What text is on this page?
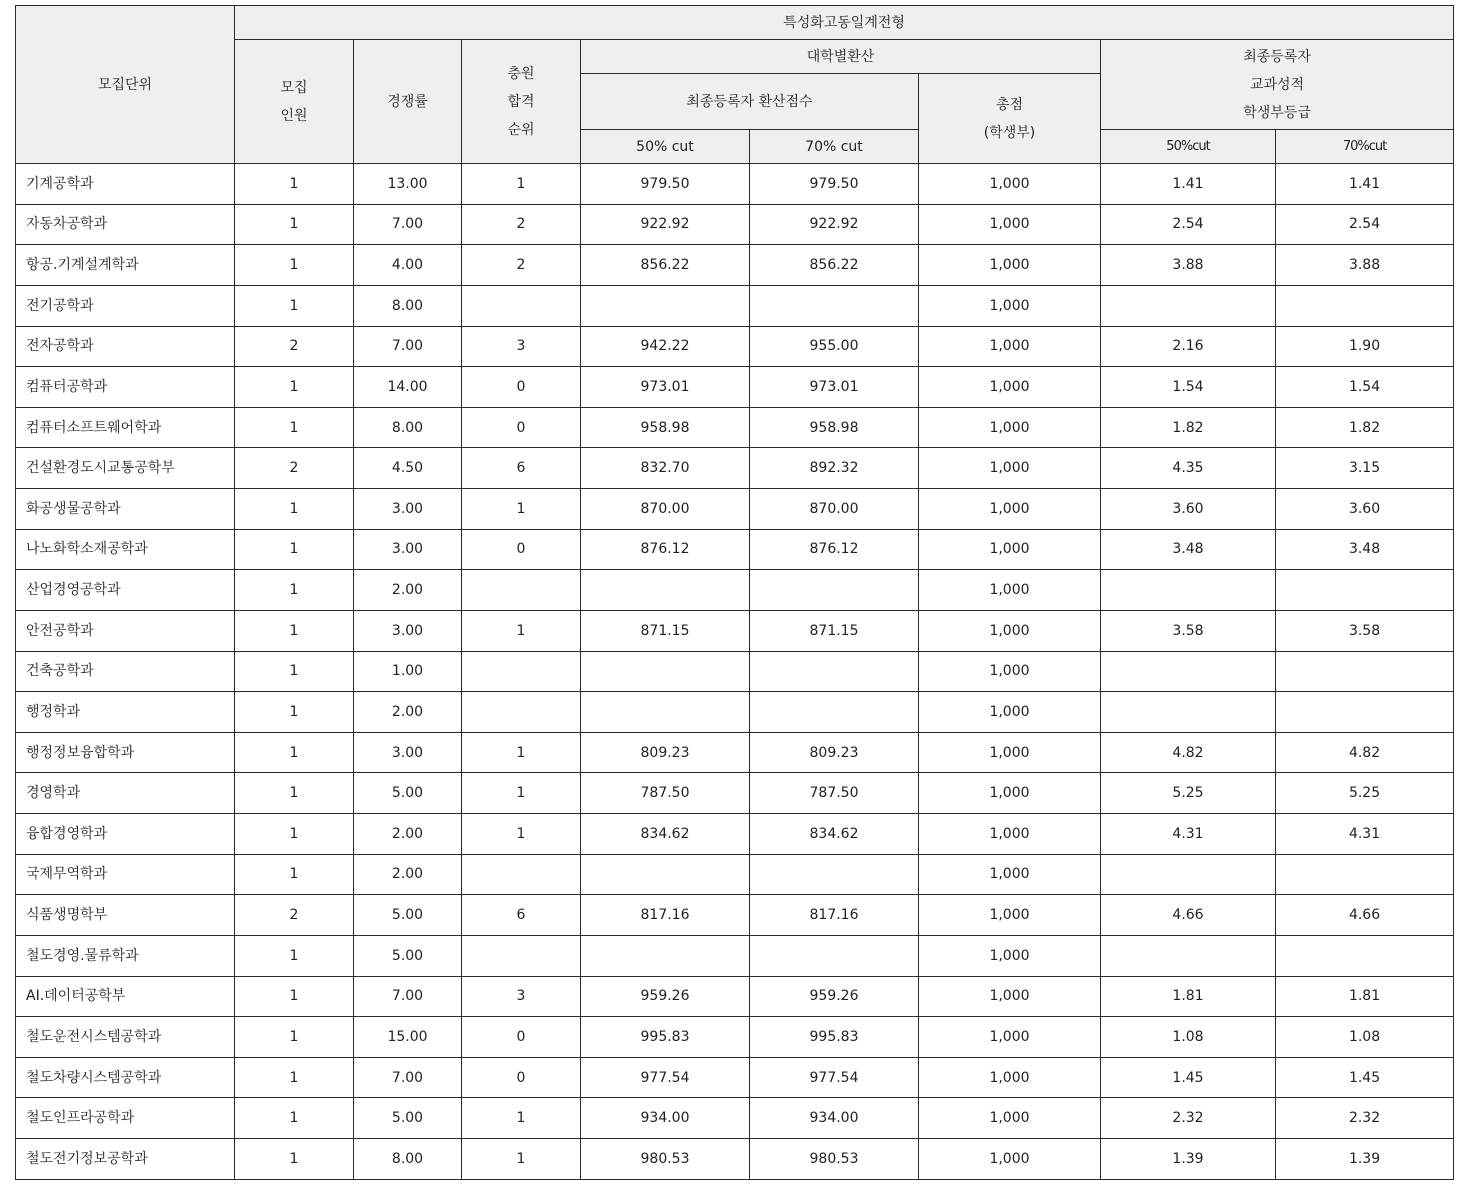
모집단위	특성화고동일계전형							
	모집
인원	경쟁률	충원
합격
순위	대학별환산			최종등록자
교과성적
학생부등급	
				최종등록자 환산점수		총점
(학생부)		
				50% cut	70% cut		50%cut	70%cut
기계공학과	1	13.00	1	979.50	979.50	1,000	1.41	1.41
자동차공학과	1	7.00	2	922.92	922.92	1,000	2.54	2.54
항공.기계설계학과	1	4.00	2	856.22	856.22	1,000	3.88	3.88
전기공학과	1	8.00				1,000		
전자공학과	2	7.00	3	942.22	955.00	1,000	2.16	1.90
컴퓨터공학과	1	14.00	0	973.01	973.01	1,000	1.54	1.54
컴퓨터소프트웨어학과	1	8.00	0	958.98	958.98	1,000	1.82	1.82
건설환경도시교통공학부	2	4.50	6	832.70	892.32	1,000	4.35	3.15
화공생물공학과	1	3.00	1	870.00	870.00	1,000	3.60	3.60
나노화학소재공학과	1	3.00	0	876.12	876.12	1,000	3.48	3.48
산업경영공학과	1	2.00				1,000		
안전공학과	1	3.00	1	871.15	871.15	1,000	3.58	3.58
건축공학과	1	1.00				1,000		
행정학과	1	2.00				1,000		
행정정보융합학과	1	3.00	1	809.23	809.23	1,000	4.82	4.82
경영학과	1	5.00	1	787.50	787.50	1,000	5.25	5.25
융합경영학과	1	2.00	1	834.62	834.62	1,000	4.31	4.31
국제무역학과	1	2.00				1,000		
식품생명학부	2	5.00	6	817.16	817.16	1,000	4.66	4.66
철도경영.물류학과	1	5.00				1,000		
AI.데이터공학부	1	7.00	3	959.26	959.26	1,000	1.81	1.81
철도운전시스템공학과	1	15.00	0	995.83	995.83	1,000	1.08	1.08
철도차량시스템공학과	1	7.00	0	977.54	977.54	1,000	1.45	1.45
철도인프라공학과	1	5.00	1	934.00	934.00	1,000	2.32	2.32
철도전기정보공학과	1	8.00	1	980.53	980.53	1,000	1.39	1.39
